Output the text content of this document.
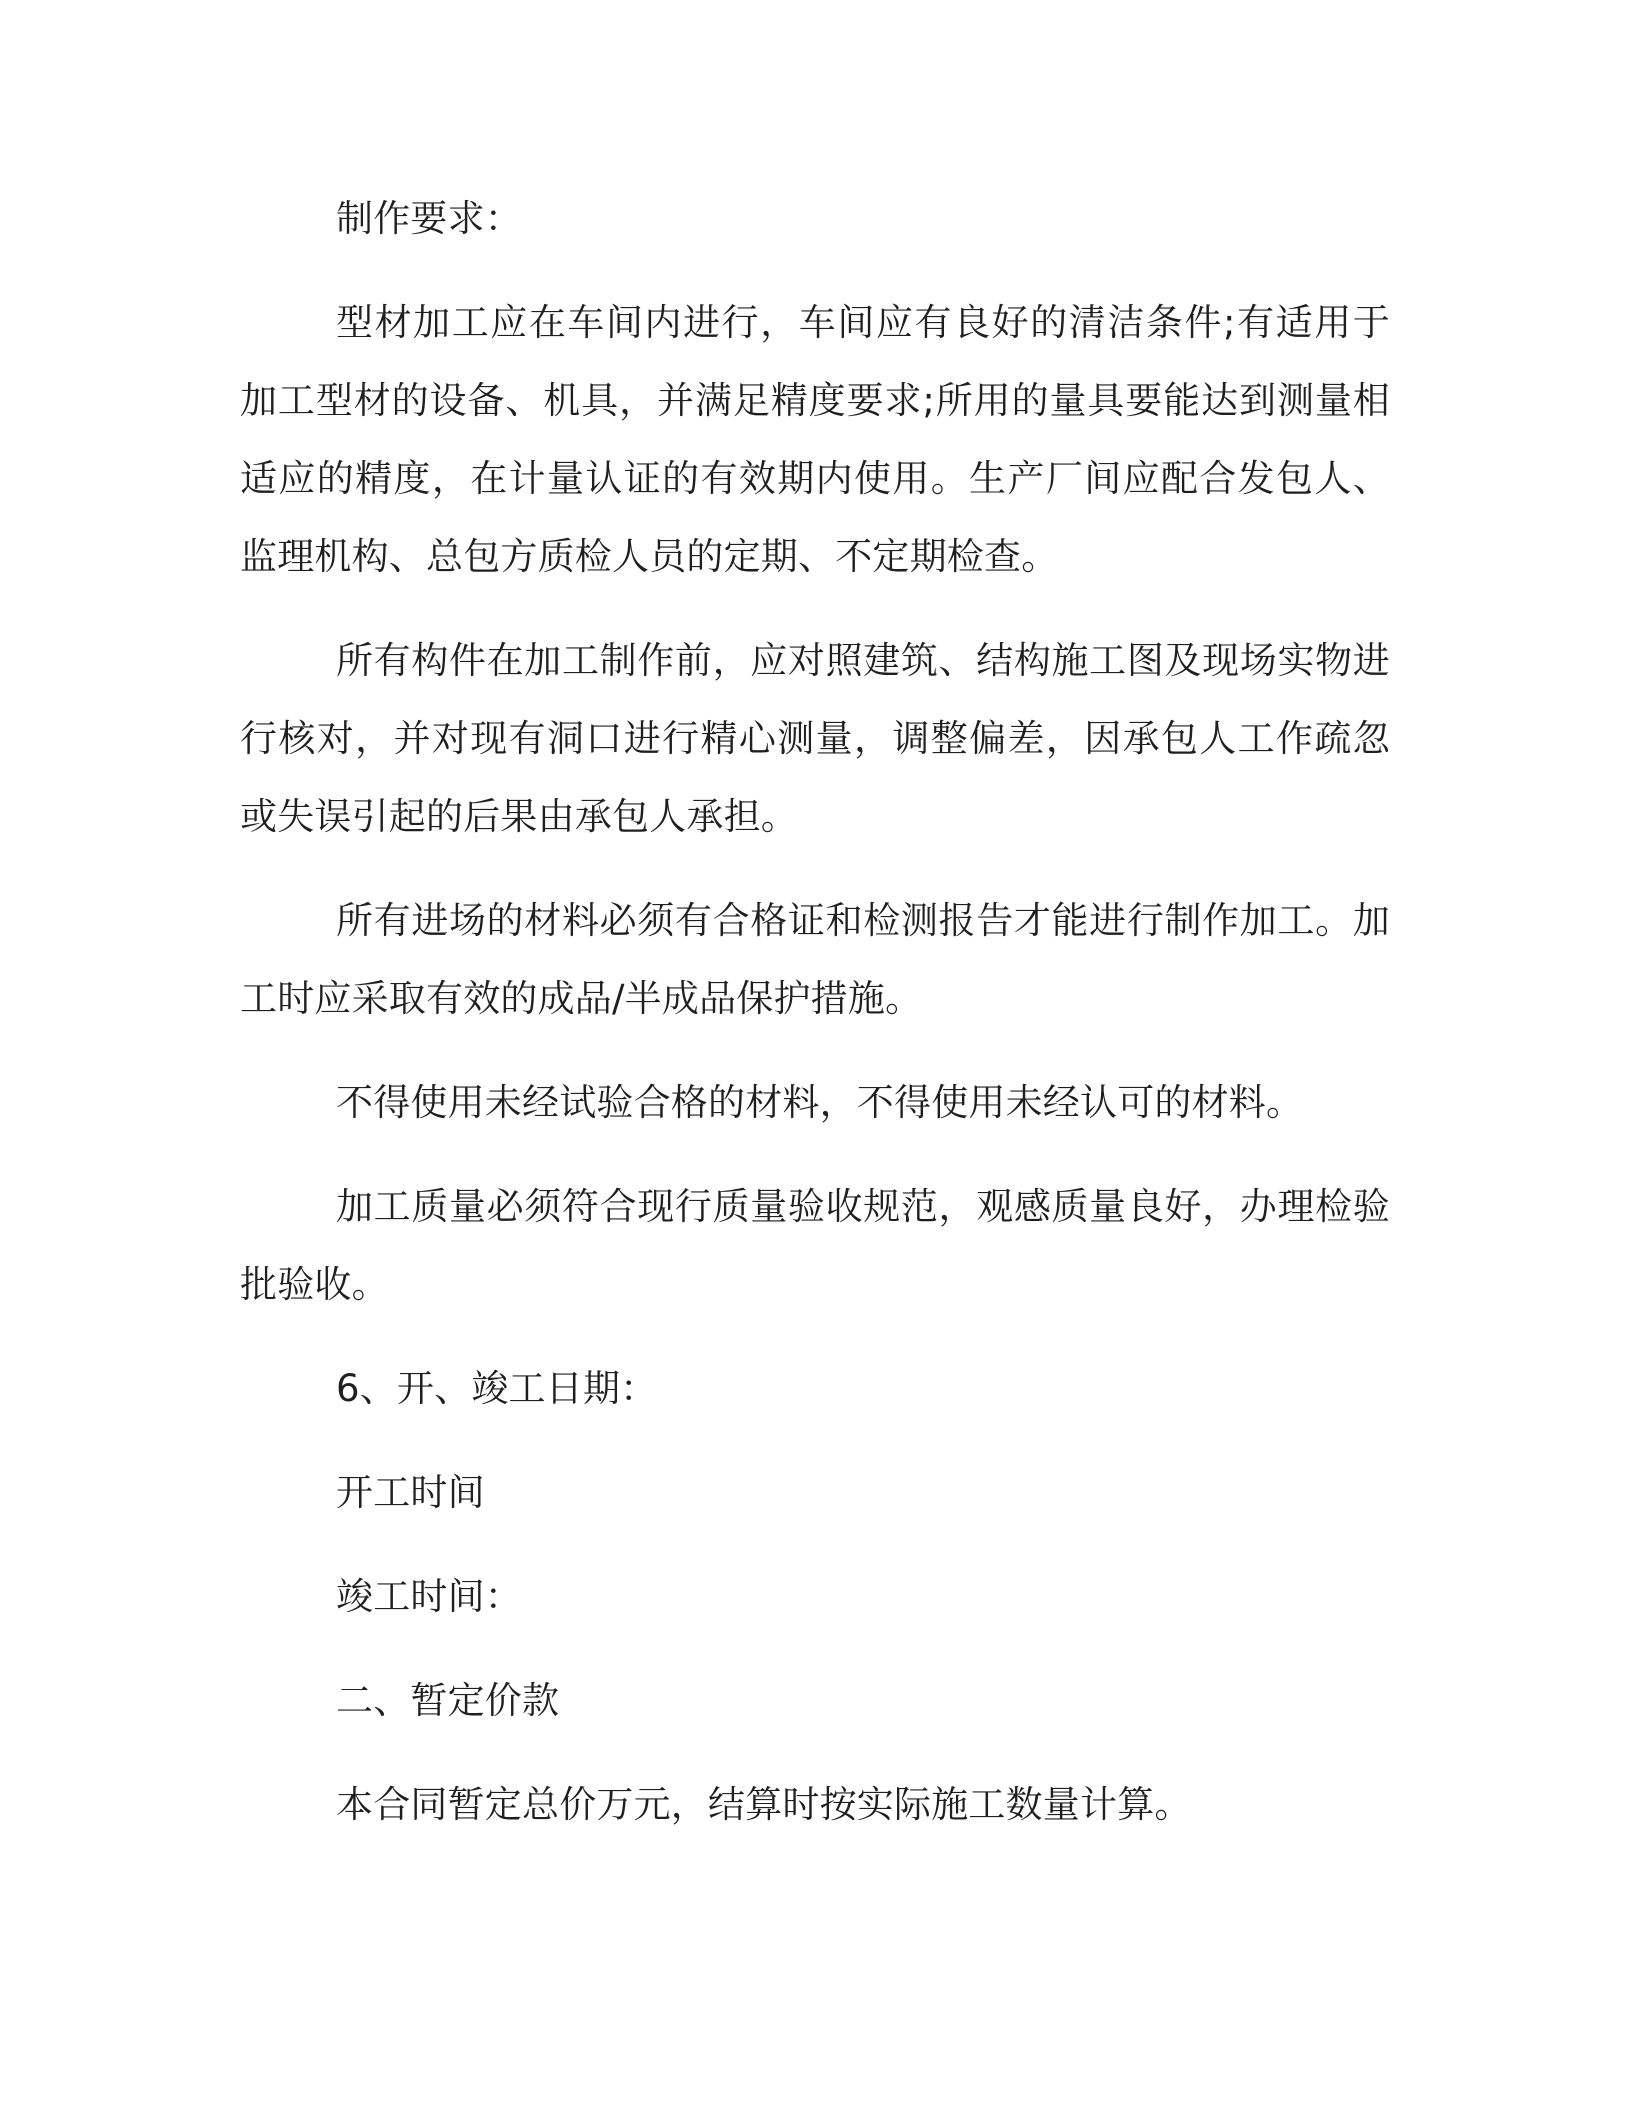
制作要求：

型材加工应在车间内进行，车间应有良好的清洁条件;有适用于加工型材的设备、机具，并满足精度要求;所用的量具要能达到测量相适应的精度，在计量认证的有效期内使用。生产厂间应配合发包人、监理机构、总包方质检人员的定期、不定期检查。

所有构件在加工制作前，应对照建筑、结构施工图及现场实物进行核对，并对现有洞口进行精心测量，调整偏差，因承包人工作疏忽或失误引起的后果由承包人承担。

所有进场的材料必须有合格证和检测报告才能进行制作加工。加工时应采取有效的成品/半成品保护措施。

不得使用未经试验合格的材料，不得使用未经认可的材料。

加工质量必须符合现行质量验收规范，观感质量良好，办理检验批验收。

6、开、竣工日期：

开工时间

竣工时间：

二、暂定价款

本合同暂定总价万元，结算时按实际施工数量计算。
